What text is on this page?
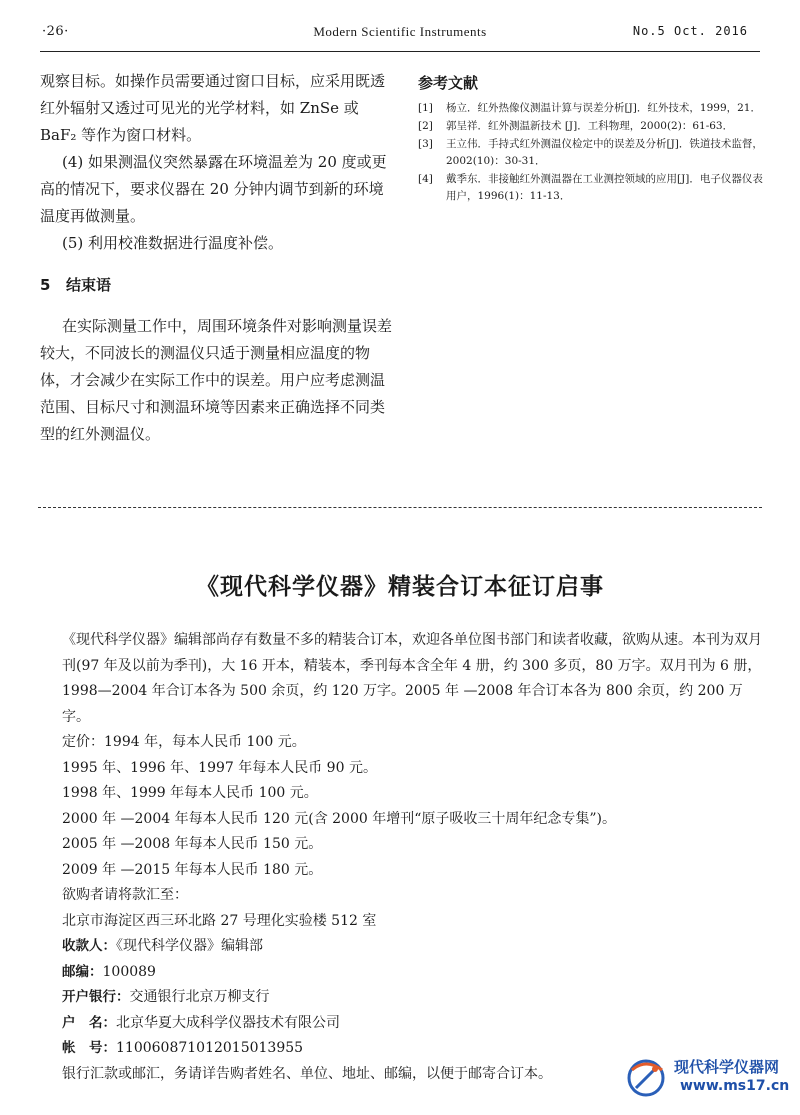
·26·	Modern Scientific Instruments	No.5 Oct. 2016

观察目标。如操作员需要通过窗口目标，应采用既透红外辐射又透过可见光的光学材料，如 ZnSe 或 BaF₂ 等作为窗口材料。

(4) 如果测温仪突然暴露在环境温差为 20 度或更高的情况下，要求仪器在 20 分钟内调节到新的环境温度再做测量。

(5) 利用校准数据进行温度补偿。

5 结束语

在实际测量工作中，周围环境条件对影响测量误差较大，不同波长的测温仪只适于测量相应温度的物体，才会减少在实际工作中的误差。用户应考虑测温范围、目标尺寸和测温环境等因素来正确选择不同类型的红外测温仪。

参考文献
[1]	杨立．红外热像仪测温计算与误差分析[J]．红外技术，1999，21．
[2]	郭呈祥．红外测温新技术 [J]．工科物理，2000(2)：61-63．
[3]	王立伟．手持式红外测温仪检定中的误差及分析[J]．铁道技术监督，2002(10)：30-31．
[4]	戴季东．非接触红外测温器在工业测控领域的应用[J]．电子仪器仪表用户，1996(1)：11-13．
《现代科学仪器》精装合订本征订启事

《现代科学仪器》编辑部尚存有数量不多的精装合订本，欢迎各单位图书部门和读者收藏，欲购从速。本刊为双月刊(97 年及以前为季刊)，大 16 开本，精装本，季刊每本含全年 4 册，约 300 多页，80 万字。双月刊为 6 册，1998—2004 年合订本各为 500 余页，约 120 万字。2005 年 —2008 年合订本各为 800 余页，约 200 万字。

定价：1994 年，每本人民币 100 元。

1995 年、1996 年、1997 年每本人民币 90 元。

1998 年、1999 年每本人民币 100 元。

2000 年 —2004 年每本人民币 120 元(含 2000 年增刊“原子吸收三十周年纪念专集”)。

2005 年 —2008 年每本人民币 150 元。

2009 年 —2015 年每本人民币 180 元。

欲购者请将款汇至：

北京市海淀区西三环北路 27 号理化实验楼 512 室

收款人：《现代科学仪器》编辑部

邮编：100089

开户银行：交通银行北京万柳支行

户　名：北京华夏大成科学仪器技术有限公司

帐　号：110060871012015013955

银行汇款或邮汇，务请详告购者姓名、单位、地址、邮编，以便于邮寄合订本。	现代科学仪器网
www.ms17.cn
